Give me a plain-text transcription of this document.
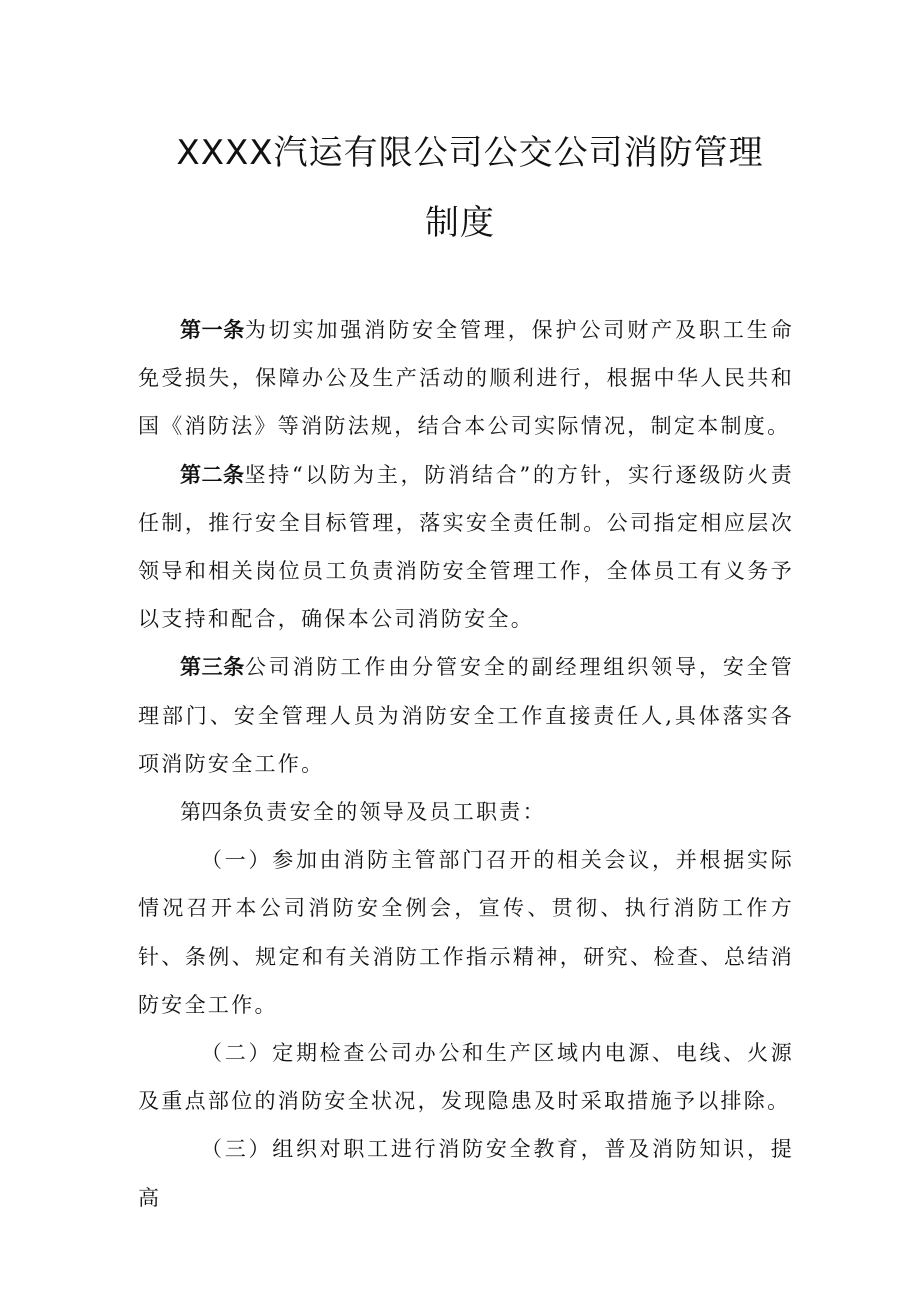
XXXX汽运有限公司公交公司消防管理
制度

第一条为切实加强消防安全管理，保护公司财产及职工生命免受损失，保障办公及生产活动的顺利进行，根据中华人民共和国《消防法》等消防法规，结合本公司实际情况，制定本制度。

第二条坚持“以防为主，防消结合”的方针，实行逐级防火责任制，推行安全目标管理，落实安全责任制。公司指定相应层次领导和相关岗位员工负责消防安全管理工作，全体员工有义务予以支持和配合，确保本公司消防安全。

第三条公司消防工作由分管安全的副经理组织领导，安全管理部门、安全管理人员为消防安全工作直接责任人,具体落实各项消防安全工作。

第四条负责安全的领导及员工职责：

（一）参加由消防主管部门召开的相关会议，并根据实际情况召开本公司消防安全例会，宣传、贯彻、执行消防工作方针、条例、规定和有关消防工作指示精神，研究、检查、总结消防安全工作。

（二）定期检查公司办公和生产区域内电源、电线、火源及重点部位的消防安全状况，发现隐患及时采取措施予以排除。

（三）组织对职工进行消防安全教育，普及消防知识，提高
